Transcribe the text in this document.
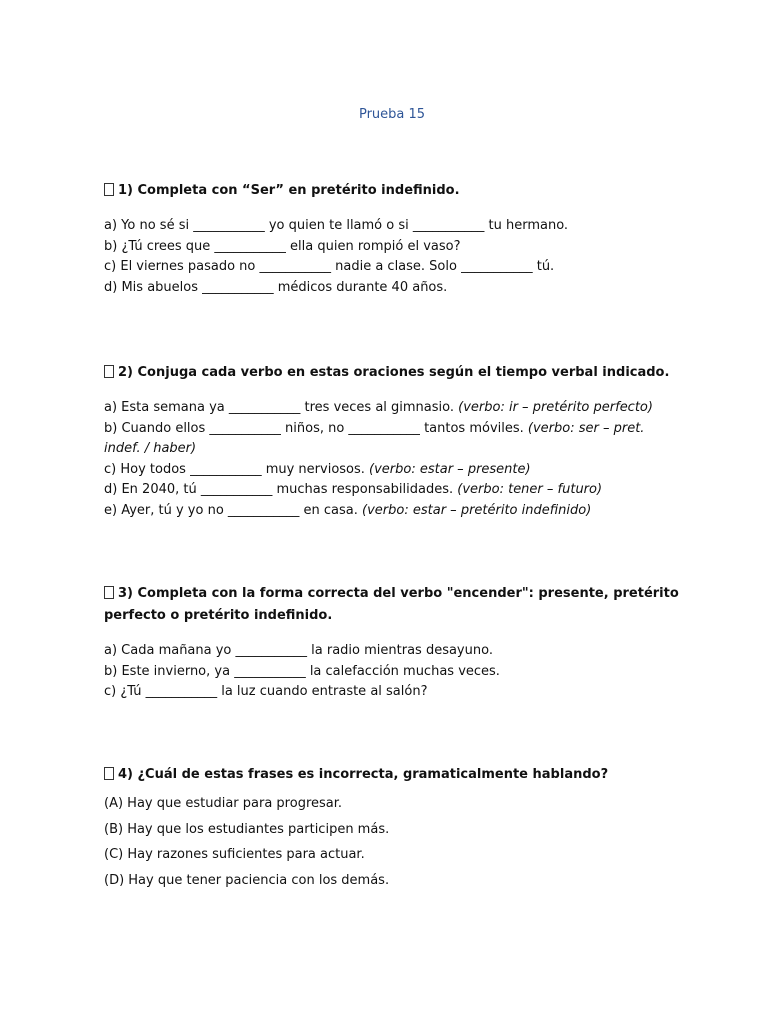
Prueba 15

1) Completa con “Ser” en pretérito indefinido.

a) Yo no sé si ___________ yo quien te llamó o si ___________ tu hermano.
b) ¿Tú crees que ___________ ella quien rompió el vaso?
c) El viernes pasado no ___________ nadie a clase. Solo ___________ tú.
d) Mis abuelos ___________ médicos durante 40 años.

2) Conjuga cada verbo en estas oraciones según el tiempo verbal indicado.

a) Esta semana ya ___________ tres veces al gimnasio. (verbo: ir – pretérito perfecto)
b) Cuando ellos ___________ niños, no ___________ tantos móviles. (verbo: ser – pret. indef. / haber)
c) Hoy todos ___________ muy nerviosos. (verbo: estar – presente)
d) En 2040, tú ___________ muchas responsabilidades. (verbo: tener – futuro)
e) Ayer, tú y yo no ___________ en casa. (verbo: estar – pretérito indefinido)

3) Completa con la forma correcta del verbo "encender": presente, pretérito perfecto o pretérito indefinido.

a) Cada mañana yo ___________ la radio mientras desayuno.
b) Este invierno, ya ___________ la calefacción muchas veces.
c) ¿Tú ___________ la luz cuando entraste al salón?

4) ¿Cuál de estas frases es incorrecta, gramaticalmente hablando?

(A) Hay que estudiar para progresar.
(B) Hay que los estudiantes participen más.
(C) Hay razones suficientes para actuar.
(D) Hay que tener paciencia con los demás.
